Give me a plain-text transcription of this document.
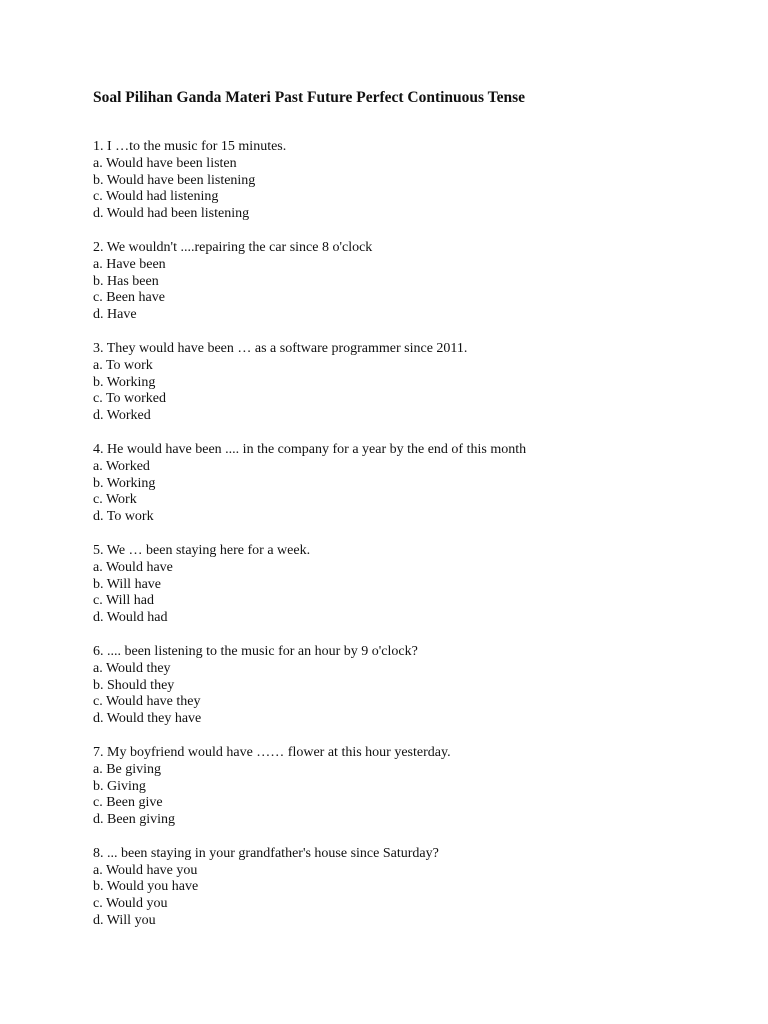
Soal Pilihan Ganda Materi Past Future Perfect Continuous Tense
1. I …to the music for 15 minutes.
a. Would have been listen
b. Would have been listening
c. Would had listening
d. Would had been listening
2. We wouldn't ....repairing the car since 8 o'clock
a. Have been
b. Has been
c. Been have
d. Have
3. They would have been … as a software programmer since 2011.
a. To work
b. Working
c. To worked
d. Worked
4. He would have been .... in the company for a year by the end of this month
a. Worked
b. Working
c. Work
d. To work
5. We … been staying here for a week.
a. Would have
b. Will have
c. Will had
d. Would had
6. .... been listening to the music for an hour by 9 o'clock?
a. Would they
b. Should they
c. Would have they
d. Would they have
7. My boyfriend would have …… flower at this hour yesterday.
a. Be giving
b. Giving
c. Been give
d. Been giving
8. ... been staying in your grandfather's house since Saturday?
a. Would have you
b. Would you have
c. Would you
d. Will you
